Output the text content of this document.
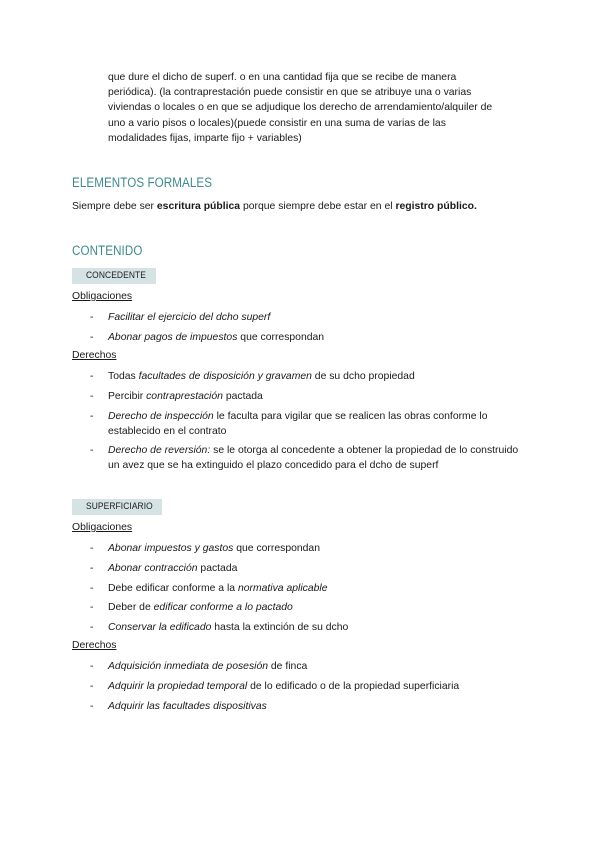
que dure el dicho de superf. o en una cantidad fija que se recibe de manera

periódica). (la contraprestación puede consistir en que se atribuye una o varias

viviendas o locales o en que se adjudique los derecho de arrendamiento/alquiler de

uno a vario pisos o locales)(puede consistir en una suma de varias de las

modalidades fijas, imparte fijo + variables)

ELEMENTOS FORMALES

Siempre debe ser escritura pública porque siempre debe estar en el registro público.

CONTENIDO
CONCEDENTE

Obligaciones

- Facilitar el ejercicio del dcho superf
- Abonar pagos de impuestos que correspondan

Derechos

- Todas facultades de disposición y gravamen de su dcho propiedad
- Percibir contraprestación pactada
- Derecho de inspección le faculta para vigilar que se realicen las obras conforme lo establecido en el contrato
- Derecho de reversión: se le otorga al concedente a obtener la propiedad de lo construido un avez que se ha extinguido el plazo concedido para el dcho de superf
SUPERFICIARIO

Obligaciones

- Abonar impuestos y gastos que correspondan
- Abonar contracción pactada
- Debe edificar conforme a la normativa aplicable
- Deber de edificar conforme a lo pactado
- Conservar la edificado hasta la extinción de su dcho

Derechos

- Adquisición inmediata de posesión de finca
- Adquirir la propiedad temporal de lo edificado o de la propiedad superficiaria
- Adquirir las facultades dispositivas
